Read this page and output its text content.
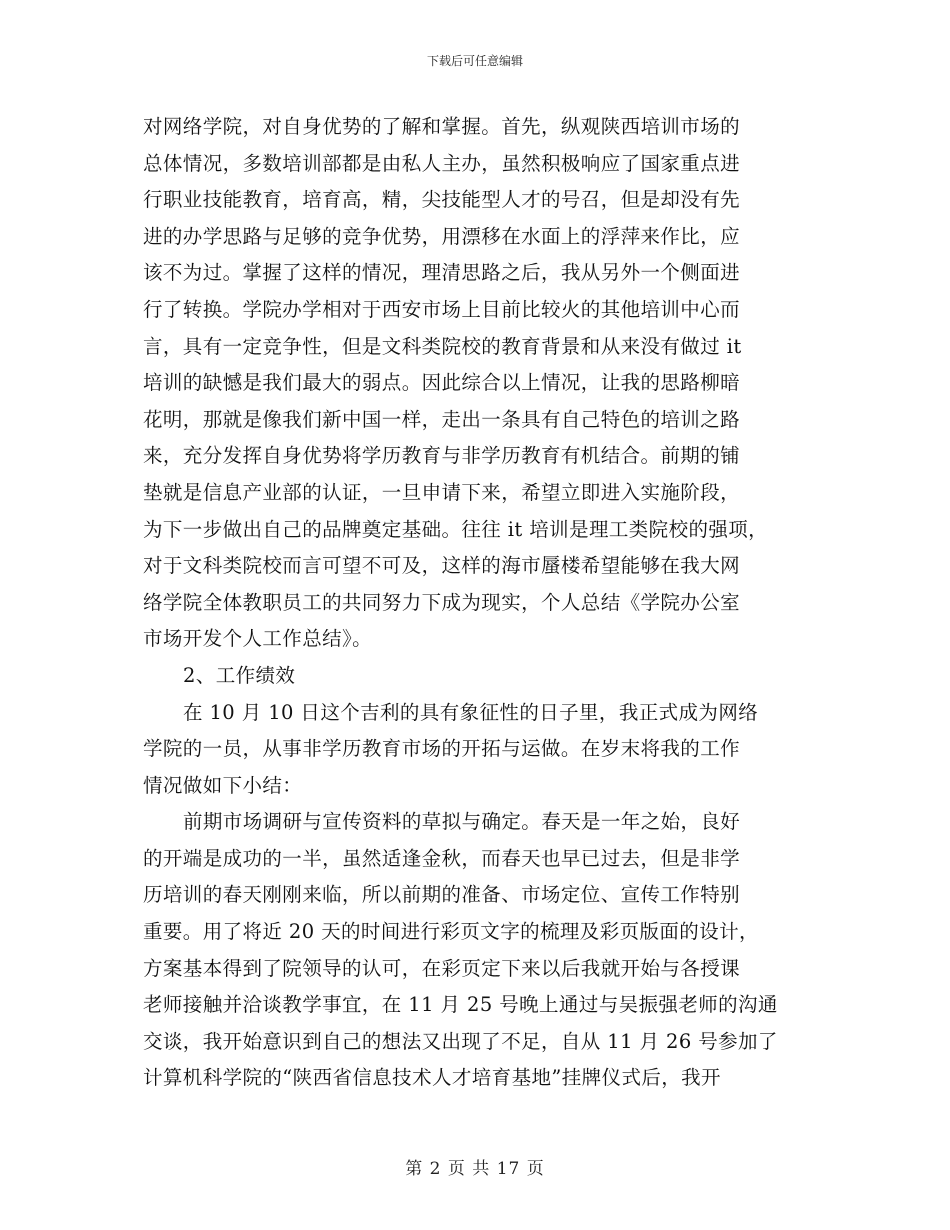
下载后可任意编辑
对网络学院，对自身优势的了解和掌握。首先，纵观陕西培训市场的
总体情况，多数培训部都是由私人主办，虽然积极响应了国家重点进
行职业技能教育，培育高，精，尖技能型人才的号召，但是却没有先
进的办学思路与足够的竞争优势，用漂移在水面上的浮萍来作比，应
该不为过。掌握了这样的情况，理清思路之后，我从另外一个侧面进
行了转换。学院办学相对于西安市场上目前比较火的其他培训中心而
言，具有一定竞争性，但是文科类院校的教育背景和从来没有做过 it
培训的缺憾是我们最大的弱点。因此综合以上情况，让我的思路柳暗
花明，那就是像我们新中国一样，走出一条具有自己特色的培训之路
来，充分发挥自身优势将学历教育与非学历教育有机结合。前期的铺
垫就是信息产业部的认证，一旦申请下来，希望立即进入实施阶段，
为下一步做出自己的品牌奠定基础。往往 it 培训是理工类院校的强项，
对于文科类院校而言可望不可及，这样的海市蜃楼希望能够在我大网
络学院全体教职员工的共同努力下成为现实，个人总结《学院办公室
市场开发个人工作总结》。
2、工作绩效
在 10 月 10 日这个吉利的具有象征性的日子里，我正式成为网络
学院的一员，从事非学历教育市场的开拓与运做。在岁末将我的工作
情况做如下小结：
前期市场调研与宣传资料的草拟与确定。春天是一年之始，良好
的开端是成功的一半，虽然适逢金秋，而春天也早已过去，但是非学
历培训的春天刚刚来临，所以前期的准备、市场定位、宣传工作特别
重要。用了将近 20 天的时间进行彩页文字的梳理及彩页版面的设计，
方案基本得到了院领导的认可，在彩页定下来以后我就开始与各授课
老师接触并洽谈教学事宜，在 11 月 25 号晚上通过与吴振强老师的沟通
交谈，我开始意识到自己的想法又出现了不足，自从 11 月 26 号参加了
计算机科学院的“陕西省信息技术人才培育基地”挂牌仪式后，我开
第 2 页 共 17 页
